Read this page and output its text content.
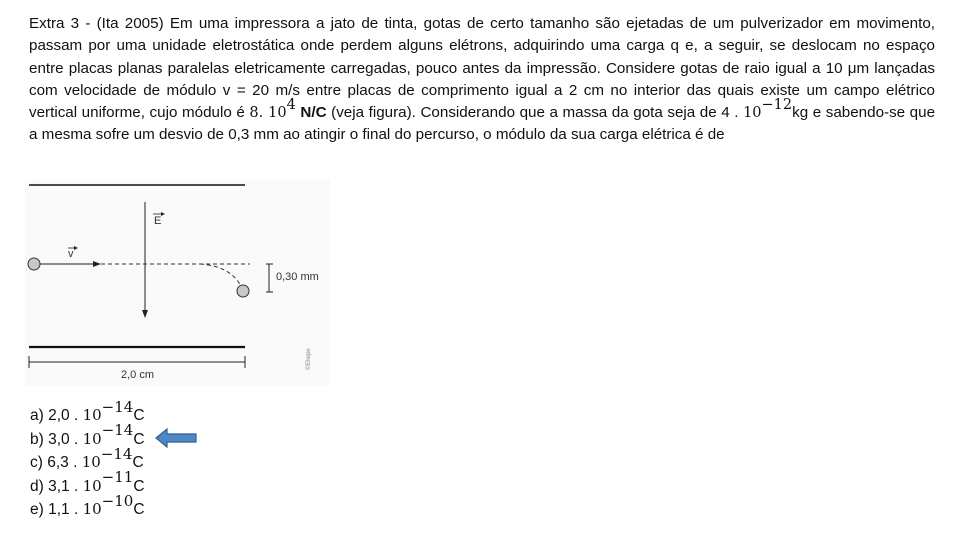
Extra 3 - (Ita 2005) Em uma impressora a jato de tinta, gotas de certo tamanho são ejetadas de um pulverizador em movimento, passam por uma unidade eletrostática onde perdem alguns elétrons, adquirindo uma carga q e, a seguir, se deslocam no espaço entre placas planas paralelas eletricamente carregadas, pouco antes da impressão. Considere gotas de raio igual a 10 μm lançadas com velocidade de módulo v = 20 m/s entre placas de comprimento igual a 2 cm no interior das quais existe um campo elétrico vertical uniforme, cujo módulo é 8. $10^4$ N/C (veja figura). Considerando que a massa da gota seja de 4 . $10^{-12}kg$ e sabendo-se que a mesma sofre um desvio de 0,3 mm ao atingir o final do percurso, o módulo da sua carga elétrica é de
E
v
0,30 mm
2,0 cm
©Ehepe
a) 2,0 . $10^{-14}C$
b) 3,0 . $10^{-14}C$
c) 6,3 . $10^{-14}C$
d) 3,1 . $10^{-11}C$
e) 1,1 . $10^{-10}C$
